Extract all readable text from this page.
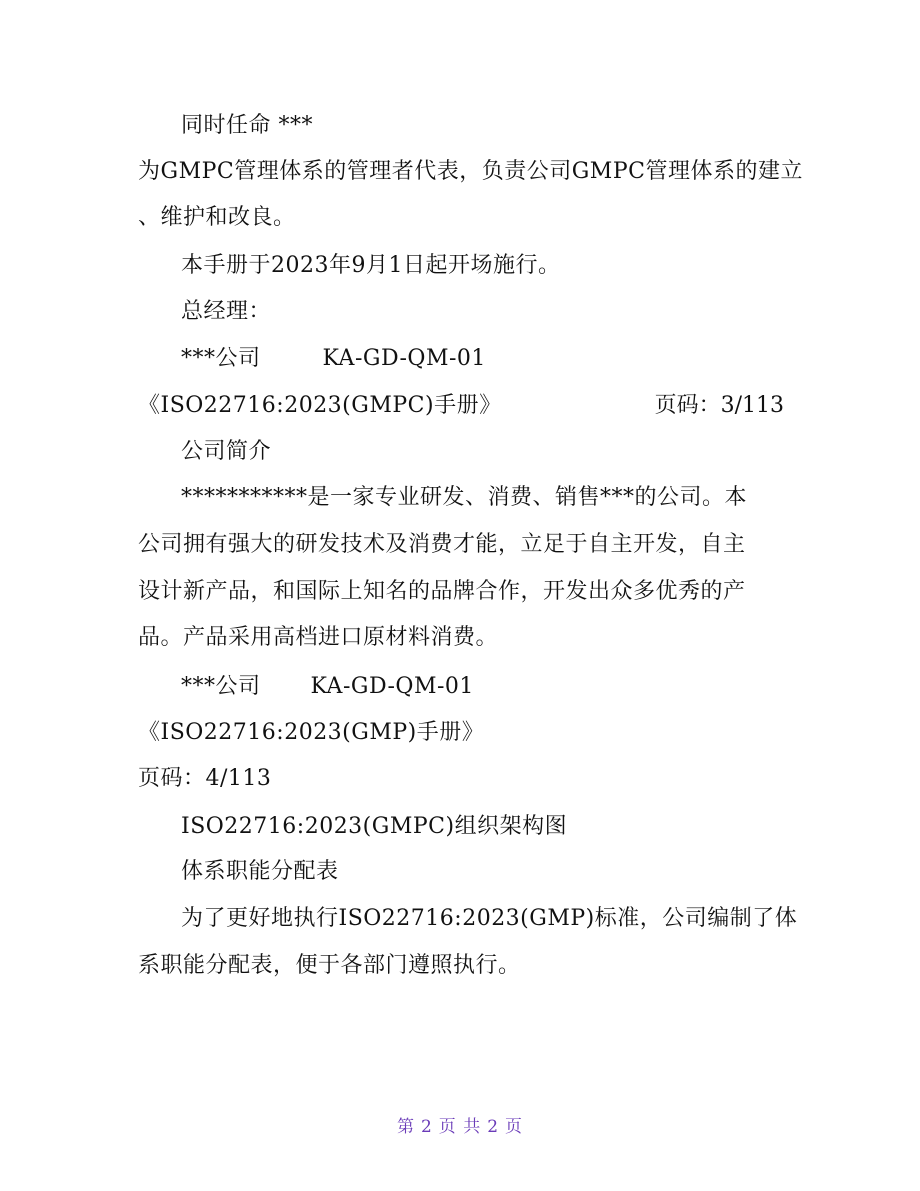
同时任命 ***
为GMPC管理体系的管理者代表，负责公司GMPC管理体系的建立
、维护和改良。
本手册于2023年9月1日起开场施行。
总经理：
***公司	KA-GD-QM-01
《ISO22716:2023(GMPC)手册》	页码：3/113
公司简介
***********是一家专业研发、消费、销售***的公司。本
公司拥有强大的研发技术及消费才能，立足于自主开发，自主
设计新产品，和国际上知名的品牌合作，开发出众多优秀的产
品。产品采用高档进口原材料消费。
***公司 KA-GD-QM-01
《ISO22716:2023(GMP)手册》
页码：4/113
ISO22716:2023(GMPC)组织架构图
体系职能分配表
为了更好地执行ISO22716:2023(GMP)标准，公司编制了体
系职能分配表，便于各部门遵照执行。
第 2 页 共 2 页
